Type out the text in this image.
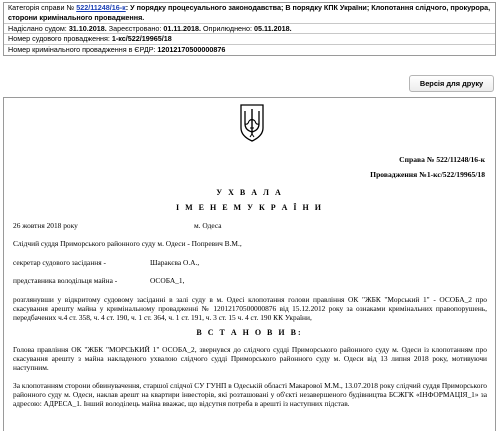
Категорія справи № 522/11248/16-к: У порядку процесуального законодавства; В порядку КПК України; Клопотання слідчого, прокурора, сторони кримінального провадження.
Надіслано судом: 31.10.2018. Зареєстровано: 01.11.2018. Оприлюднено: 05.11.2018.
Номер судового провадження: 1-кс/522/19965/18
Номер кримінального провадження в ЄРДР: 12012170500000876
Версія для друку
Справа № 522/11248/16-к
Провадження №1-кс/522/19965/18
У Х В А Л А
І М Е Н Е М У К Р А Ї Н И
26 жовтня 2018 року	м. Одеса
Слідчий суддя Приморського районного суду м. Одеси - Попревич В.М.,
секретар судового засідання -	Шаракєва О.А.,
представника володільця майна -	ОСОБА_1,
розглянувши у відкритому судовому засіданні в залі суду в м. Одесі клопотання голови правління ОК "ЖБК "Морський 1" - ОСОБА_2 про скасування арешту майна у кримінальному провадженні № 12012170500000876 від 15.12.2012 року за ознаками кримінальних правопорушень, передбачених ч.4 ст. 358, ч. 4 ст. 190, ч. 1 ст. 364, ч. 1 ст. 191, ч. 3 ст. 15 ч. 4 ст. 190 КК України,
В С Т А Н О В И В:
Голова правління ОК "ЖБК "МОРСЬКИЙ 1" ОСОБА_2, звернувся до слідчого судді Приморського районного суду м. Одеси із клопотанням про скасування арешту з майна накладеного ухвалою слідчого судді Приморського районного суду м. Одеси від 13 липня 2018 року, мотивуючи наступним.
За клопотанням сторони обвинувачення, старшої слідчої СУ ГУНП в Одеській області Макарової М.М., 13.07.2018 року слідчий суддя Приморського районного суду м. Одеси, наклав арешт на квартири інвесторів, які розташовані у об'єкті незавершеного будівництва БСЖГК «ІНФОРМАЦІЯ_1» за адресою: АДРЕСА_1. Інший володілець майна вважає, що відсутня потреба в арешті із наступних підстав.
